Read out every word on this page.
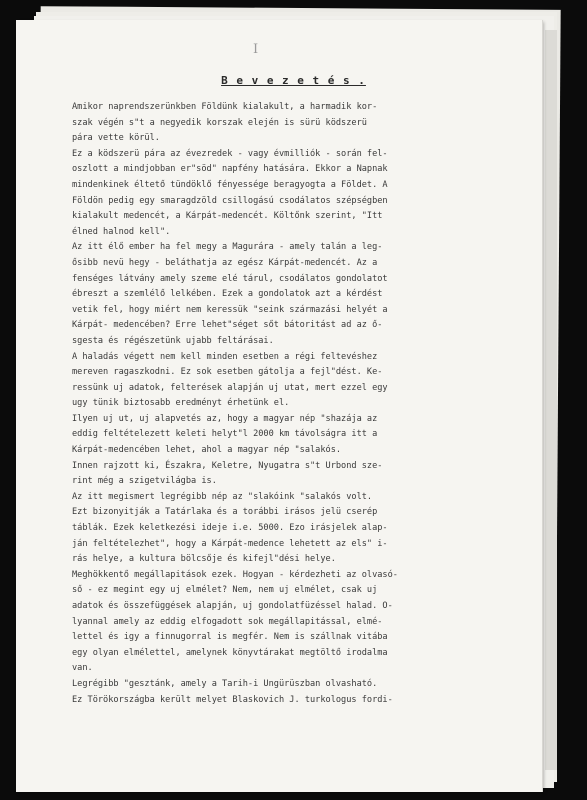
I
B e v e z e t é s .
Amikor naprendszerünkben Földünk kialakult, a harmadik kor-
szak végén s"t a negyedik korszak elején is sürü ködszerü
pára vette körül.
Ez a ködszerü pára az évezredek - vagy évmilliók - során fel-
oszlott a mindjobban er"söd" napfény hatására. Ekkor a Napnak
mindenkinek éltető tündöklő fényessége beragyogta a Földet. A
Földön pedig egy smaragdzöld csillogású csodálatos szépségben
kialakult medencét, a Kárpát-medencét. Költőnk szerint, "Itt
élned halnod kell".
Az itt élő ember ha fel megy a Magurára - amely talán a leg-
ősibb nevü hegy - beláthatja az egész Kárpát-medencét. Az a
fenséges látvány amely szeme elé tárul, csodálatos gondolatot
ébreszt a szemlélő lelkében. Ezek a gondolatok azt a kérdést
vetik fel, hogy miért nem keressük "seink származási helyét a
Kárpát- medencében? Erre lehet"séget sőt bátoritást ad az ő-
sgesta és régészetünk ujabb feltárásai.
A haladás végett nem kell minden esetben a régi feltevéshez
mereven ragaszkodni. Ez sok esetben gátolja a fejl"dést. Ke-
ressünk uj adatok, felterések alapján uj utat, mert ezzel egy
ugy tünik biztosabb eredményt érhetünk el.
Ilyen uj ut, uj alapvetés az, hogy a magyar nép "shazája az
eddig feltételezett keleti helyt"l 2000 km távolságra itt a
Kárpát-medencében lehet, ahol a magyar nép "salakós.
Innen rajzott ki, Északra, Keletre, Nyugatra s"t Urbond sze-
rint még a szigetvilágba is.
Az itt megismert legrégibb nép az "slakóink "salakós volt.
Ezt bizonyitják a Tatárlaka és a torábbi irásos jelü cserép
táblák. Ezek keletkezési ideje i.e. 5000. Ezo irásjelek alap-
ján feltételezhet", hogy a Kárpát-medence lehetett az els" i-
rás helye, a kultura bölcsője és kifejl"dési helye.
Meghökkentő megállapitások ezek. Hogyan - kérdezheti az olvasó-
ső - ez megint egy uj elmélet? Nem, nem uj elmélet, csak uj
adatok és összefüggések alapján, uj gondolatfüzéssel halad. O-
lyannal amely az eddig elfogadott sok megállapitással, elmé-
lettel és igy a finnugorral is megfér. Nem is szállnak vitába
egy olyan elmélettel, amelynek könyvtárakat megtöltő irodalma
van.
Legrégibb "gesztánk, amely a Tarih-i Ungürüszban olvasható.
Ez Törökországba került melyet Blaskovich J. turkologus fordi-
